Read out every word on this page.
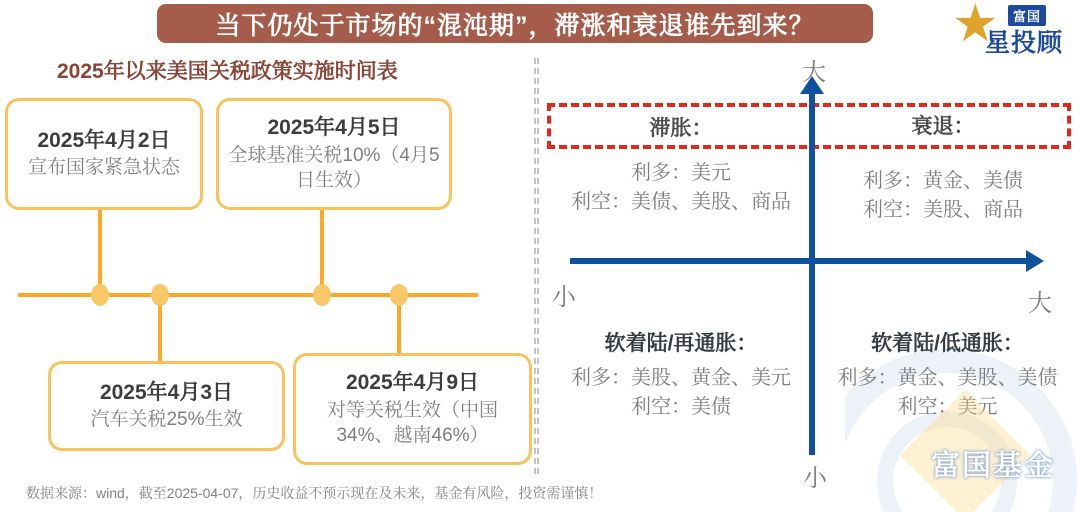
当下仍处于市场的“混沌期”，滞涨和衰退谁先到来？	★	富国
星投顾
2025年以来美国关税政策实施时间表
2025年4月2日
宣布国家紧急状态
2025年4月5日
全球基准关税10%（4月5日生效）
2025年4月3日
汽车关税25%生效
2025年4月9日
对等关税生效（中国34%、越南46%）
大
小
小	大
滞胀：
利多：美元
利空：美债、美股、商品
衰退：
利多：黄金、美债
利空：美股、商品
软着陆/再通胀：
利多：美股、黄金、美元
利空：美债
软着陆/低通胀：
利多：黄金、美股、美债
利空：美元
富国基金
数据来源：wind，截至2025-04-07，历史收益不预示现在及未来，基金有风险，投资需谨慎！
